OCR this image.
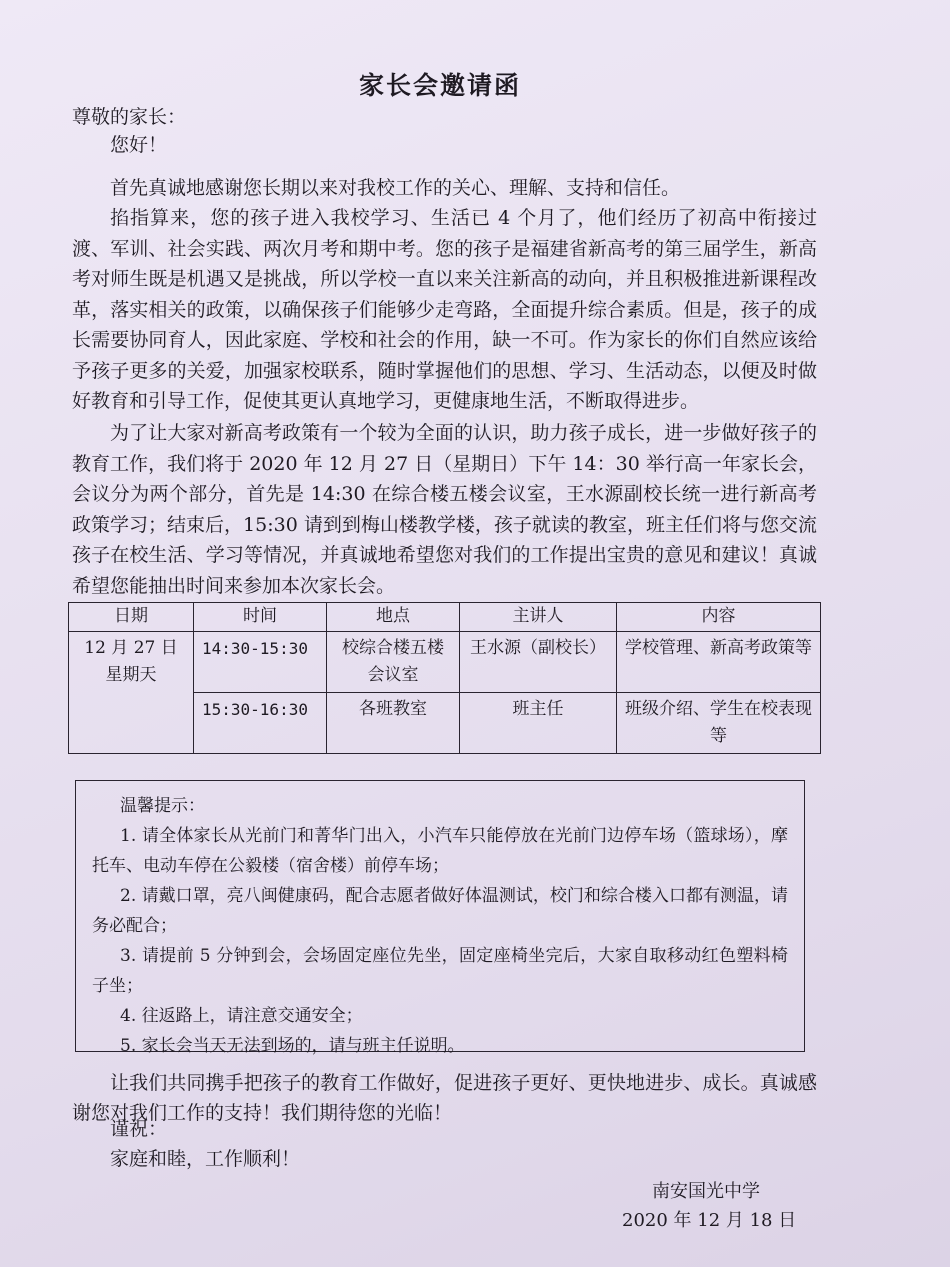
家长会邀请函
尊敬的家长：
您好！
首先真诚地感谢您长期以来对我校工作的关心、理解、支持和信任。
掐指算来，您的孩子进入我校学习、生活已 4 个月了，他们经历了初高中衔接过渡、军训、社会实践、两次月考和期中考。您的孩子是福建省新高考的第三届学生，新高考对师生既是机遇又是挑战，所以学校一直以来关注新高的动向，并且积极推进新课程改革，落实相关的政策，以确保孩子们能够少走弯路，全面提升综合素质。但是，孩子的成长需要协同育人，因此家庭、学校和社会的作用，缺一不可。作为家长的你们自然应该给予孩子更多的关爱，加强家校联系，随时掌握他们的思想、学习、生活动态，以便及时做好教育和引导工作，促使其更认真地学习，更健康地生活，不断取得进步。
为了让大家对新高考政策有一个较为全面的认识，助力孩子成长，进一步做好孩子的教育工作，我们将于 2020 年 12 月 27 日（星期日）下午 14：30 举行高一年家长会，会议分为两个部分，首先是 14:30 在综合楼五楼会议室，王水源副校长统一进行新高考政策学习；结束后，15:30 请到到梅山楼教学楼，孩子就读的教室，班主任们将与您交流孩子在校生活、学习等情况，并真诚地希望您对我们的工作提出宝贵的意见和建议！真诚希望您能抽出时间来参加本次家长会。
日期	时间	地点	主讲人	内容

12 月 27 日
星期天	14:30-15:30	校综合楼五楼会议室	王水源（副校长）	学校管理、新高考政策等
	15:30-16:30	各班教室	班主任	班级介绍、学生在校表现等
温馨提示：
1. 请全体家长从光前门和菁华门出入，小汽车只能停放在光前门边停车场（篮球场），摩托车、电动车停在公毅楼（宿舍楼）前停车场；
2. 请戴口罩，亮八闽健康码，配合志愿者做好体温测试，校门和综合楼入口都有测温，请务必配合；
3. 请提前 5 分钟到会，会场固定座位先坐，固定座椅坐完后，大家自取移动红色塑料椅子坐；
4. 往返路上，请注意交通安全；
5. 家长会当天无法到场的，请与班主任说明。
让我们共同携手把孩子的教育工作做好，促进孩子更好、更快地进步、成长。真诚感谢您对我们工作的支持！我们期待您的光临！
谨祝：
家庭和睦，工作顺利！
南安国光中学
2020 年 12 月 18 日
